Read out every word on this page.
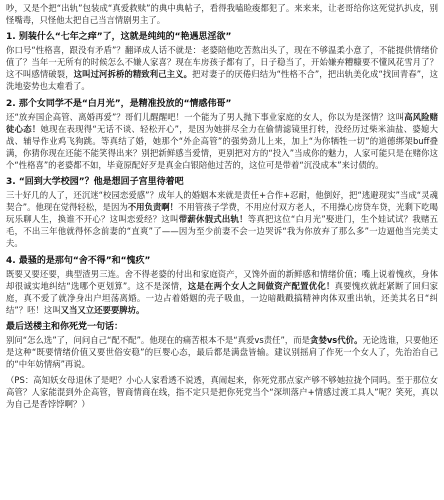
吵，又是个把“出轨”包装成“真爱救赎”的典中典帖子，看得我嗑睑痠都犯了。来来来，让老哥给你这死觉扒扒皮，别怪嘴毒，只怪他太把自己当言情剧男主了。

1. 别装什么“七年之痒”了，这就是纯纯的“艳遇思淫欲”

你口号“性格喜，跟没有矛盾”？翻译成人话不就是：老婆陪他吃苦熬出头了，现在不够温柔小意了，不能提供情绪价值了？当年一无所有的时候怎么不嫌人家喜？现在车房孩子都有了，日子稳当了，开始嫌弃糟糠要不懂风花雪月了？这不叫感情破裂，这叫过河拆桥的精致利己主义。把对妻子的厌倦归结为“性格不合”，把出轨美化成“找回青春”，这洗地姿势也太难看了。

2. 那个女同学不是“白月光”，是精准投放的“情感伟哥”

还“放弃国企高管、离婚再爱”？哥们儿醒醒吧！一个能为了男人抛下事业家庭的女人，你以为是深情？这叫高风险赌徒心态！她现在表现得“无话不谈、轻松开心”，是因为她拼尽全力在偷情滤镜里打转，没经历过柴米油盐、婆媳大战、辅导作业鸡飞狗跳。等真结了婚，她那个“外企高管”的强势劲儿上来，加上“为你牺牲一切”的道德绑架buff叠满，你猜你现在还能不能笑得出来？别把新鲜感当爱情，更别把对方的“投入”当成你的魅力，人家可能只是在赌你这个“性格喜”的老婆都不如，毕竟原配好歹是真金白银陪他过苦的，这位可是带着“沉没成本”来讨债的。

3. “回到大学校园”？他是想回子宫里待着吧

三十好几的人了，还沉迷“校园恋爱感”？成年人的婚姻本来就是责任+合作+忍耐，他倒好，把“逃避现实”当成“灵魂契合”。他现在觉得轻松，是因为不用负责啊！不用管孩子学费，不用应付双方老人，不用操心房贷车贷，光剩下吃喝玩乐聊人生，换谁不开心？这叫恋爱经？这叫带薪休假式出轨！等真把这位“白月光”娶进门，生个娃试试？我赌五毛，不出三年他就得怀念前妻的“直爽”了——因为至少前妻不会一边哭诉“我为你放弃了那么多”一边逼他当完美丈夫。

4. 最骚的是那句“舍不得”和“愧疚”

既要又要还要，典型渣男三连。舍不得老婆的付出和家庭资产，又馋外面的新鲜感和情绪价值；嘴上说着愧疚，身体却很诚实地纠结“选哪个更划算”。这不是深情，这是在两个女人之间做资产配置优化！真要愧疚就赶紧断了回归家庭，真不爱了就净身出户坦荡离婚。一边占着婚姻的壳子吸血，一边暗戳戳搞精神肉体双重出轨，还美其名日“纠结”？呸！这叫又当又立还要要脾坊。

最后送楼主和你死党一句话：

别问“怎么选”了，问问自己“配不配”。他现在的痛苦根本不是“真爱vs责任”，而是贪婪vs代价。无论选谁，只要他还是这种“既要情绪价值又要世俗安稳”的巨婴心态，最后都是满盘皆输。建议别摇肩了作死一个女人了，先治治自己的“中年妨情病”再说。

（PS：高知妖女母退休了是吧？小心人家看透不说透，真闹起来，你死党那点家产够不够她拉拢个同吗。至于那位女高管？人家能混到外企高管，智商情商在线，指不定只是把你死党当个“深圳落户+情感过渡工具人”呢？笑死，真以为自己是香饽饽啊？）
